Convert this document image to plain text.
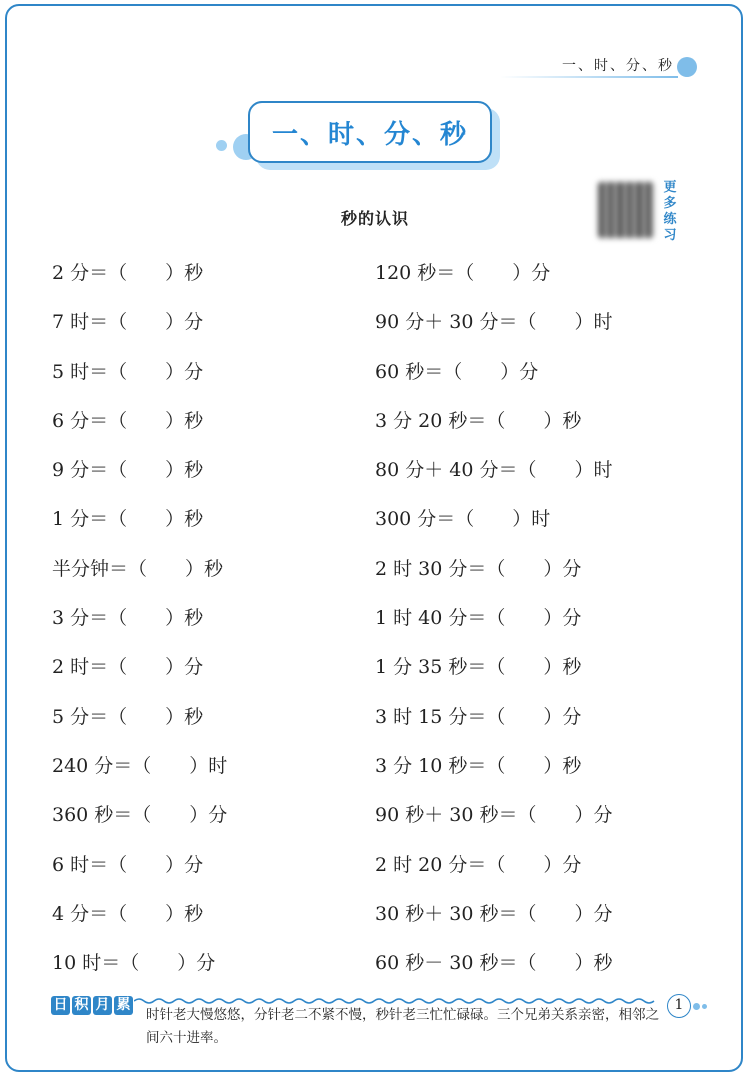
一、时、分、秒
一、时、分、秒
更多练习
秒的认识
2 分＝（　　）秒	120 秒＝（　　）分
7 时＝（　　）分	90 分＋ 30 分＝（　　）时
5 时＝（　　）分	60 秒＝（　　）分
6 分＝（　　）秒	3 分 20 秒＝（　　）秒
9 分＝（　　）秒	80 分＋ 40 分＝（　　）时
1 分＝（　　）秒	300 分＝（　　）时
半分钟＝（　　）秒	2 时 30 分＝（　　）分
3 分＝（　　）秒	1 时 40 分＝（　　）分
2 时＝（　　）分	1 分 35 秒＝（　　）秒
5 分＝（　　）秒	3 时 15 分＝（　　）分
240 分＝（　　）时	3 分 10 秒＝（　　）秒
360 秒＝（　　）分	90 秒＋ 30 秒＝（　　）分
6 时＝（　　）分	2 时 20 分＝（　　）分
4 分＝（　　）秒	30 秒＋ 30 秒＝（　　）分
10 时＝（　　）分	60 秒－ 30 秒＝（　　）秒
日 积 月 累
时针老大慢悠悠，分针老二不紧不慢，秒针老三忙忙碌碌。三个兄弟关系亲密，相邻之间六十进率。
1
